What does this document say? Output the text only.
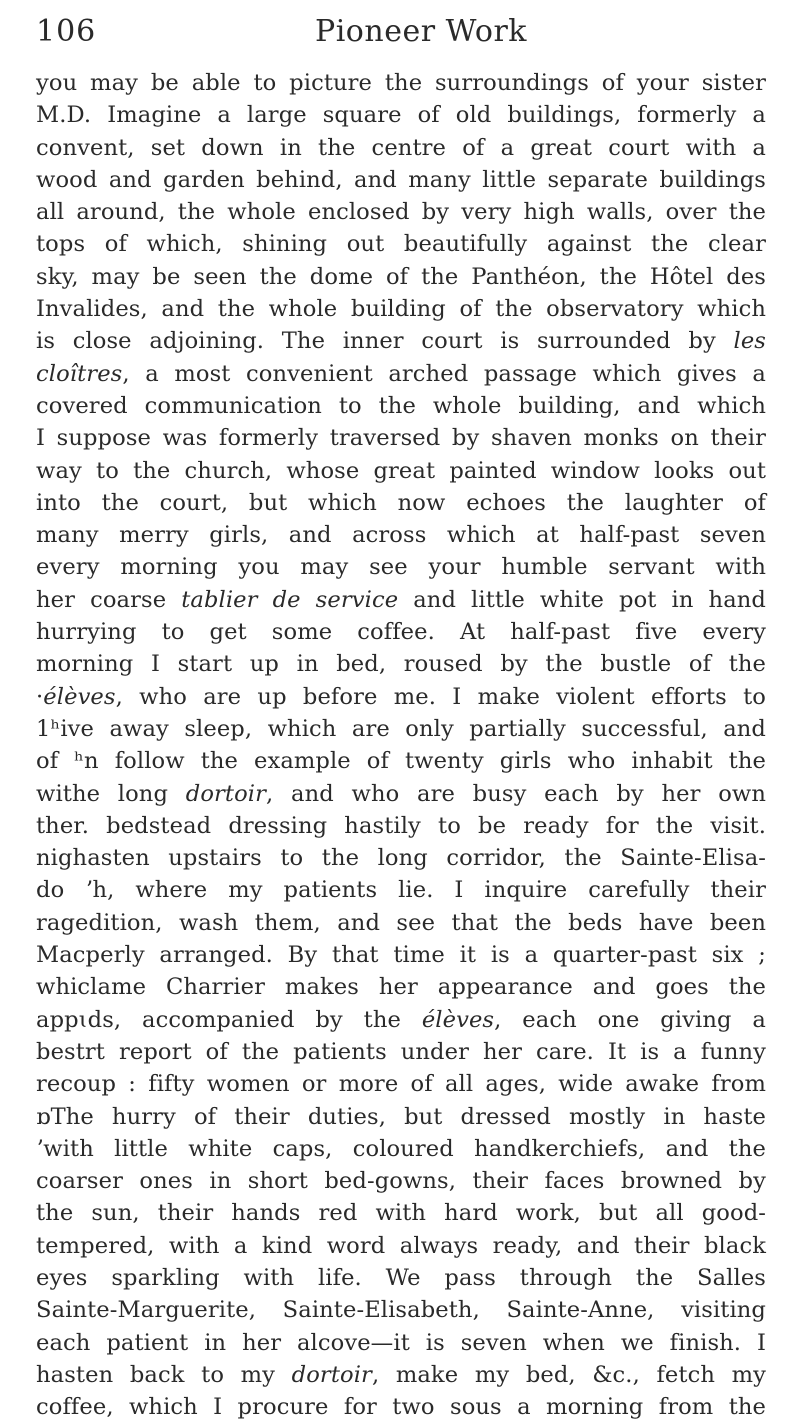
106	Pioneer Work
you may be able to picture the surroundings of your sister
M.D. Imagine a large square of old buildings, formerly a
convent, set down in the centre of a great court with a
wood and garden behind, and many little separate buildings
all around, the whole enclosed by very high walls, over the
tops of which, shining out beautifully against the clear
sky, may be seen the dome of the Panthéon, the Hôtel des
Invalides, and the whole building of the observatory which
is close adjoining. The inner court is surrounded by les
cloîtres, a most convenient arched passage which gives a
covered communication to the whole building, and which
I suppose was formerly traversed by shaven monks on their
way to the church, whose great painted window looks out
into the court, but which now echoes the laughter of
many merry girls, and across which at half-past seven
every morning you may see your humble servant with
her coarse tablier de service and little white pot in hand
hurrying to get some coffee. At half-past five every
morning I start up in bed, roused by the bustle of the
·élèves, who are up before me. I make violent efforts to
1ʰive away sleep, which are only partially successful, and
of ʰn follow the example of twenty girls who inhabit the
withe long dortoir, and who are busy each by her own
ther. bedstead dressing hastily to be ready for the visit.
nighasten upstairs to the long corridor, the Sainte-Elisa-
do ʼh, where my patients lie. I inquire carefully their
ragedition, wash them, and see that the beds have been
Macperly arranged. By that time it is a quarter-past six ;
whiclame Charrier makes her appearance and goes the
appɩds, accompanied by the élèves, each one giving a
bestrt report of the patients under her care. It is a funny
recoup : fifty women or more of all ages, wide awake from
ɒThe hurry of their duties, but dressed mostly in haste
ʼwith little white caps, coloured handkerchiefs, and the
coarser ones in short bed-gowns, their faces browned by
the sun, their hands red with hard work, but all good-
tempered, with a kind word always ready, and their black
eyes sparkling with life. We pass through the Salles
Sainte-Marguerite, Sainte-Elisabeth, Sainte-Anne, visiting
each patient in her alcove—it is seven when we finish. I
hasten back to my dortoir, make my bed, &c., fetch my
coffee, which I procure for two sous a morning from the
